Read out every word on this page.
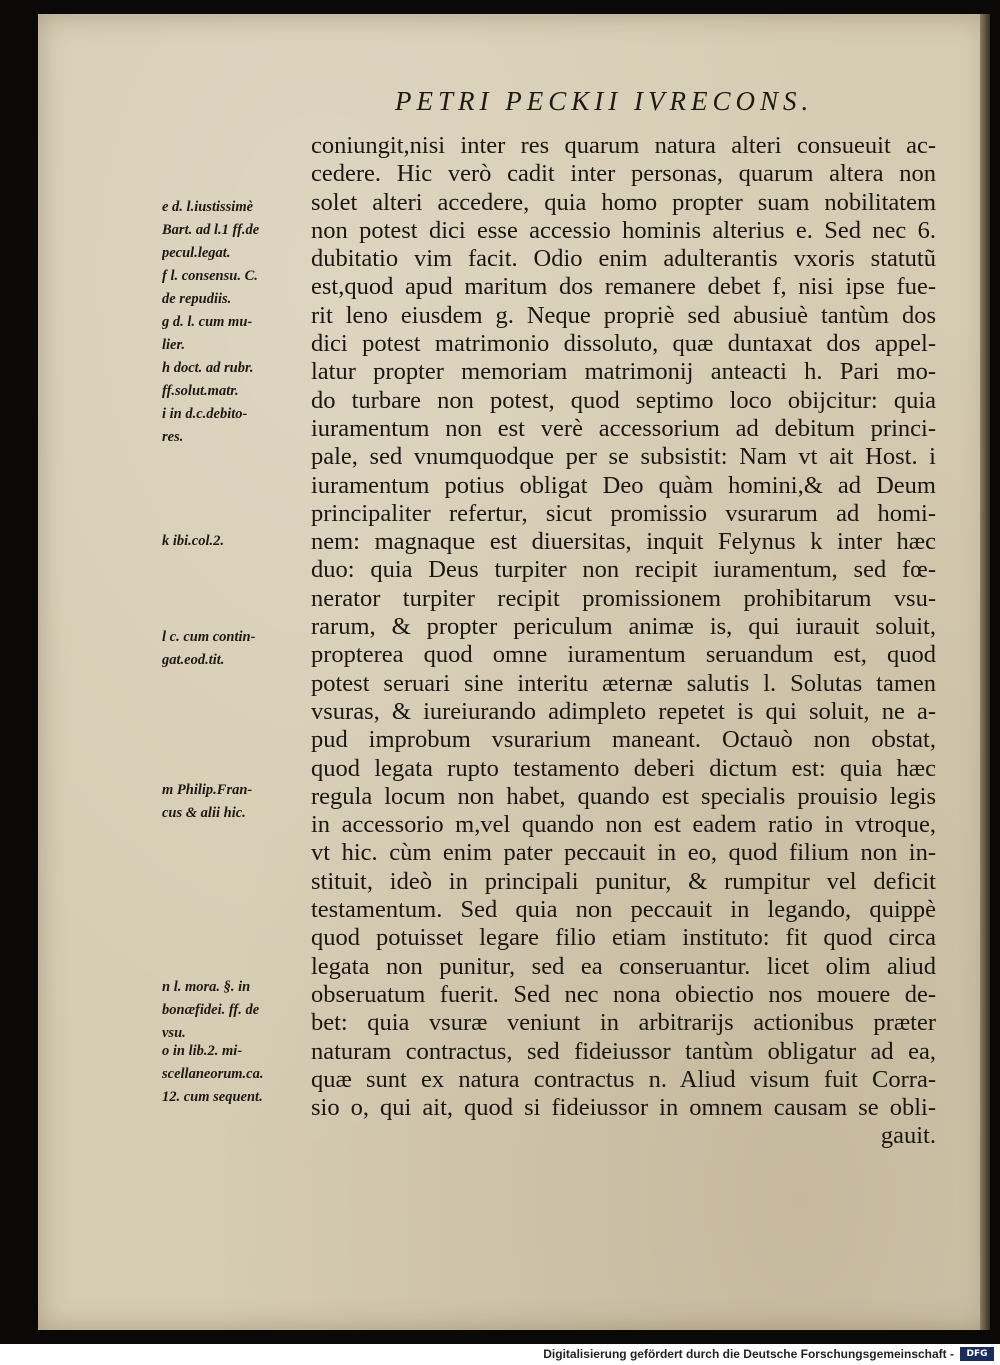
PETRI PECKII IVRECONS.
coniungit,nisi inter res quarum natura alteri consueuit ac-
cedere. Hic verò cadit inter personas, quarum altera non
solet alteri accedere, quia homo propter suam nobilitatem
non potest dici esse accessio hominis alterius e. Sed nec 6.
dubitatio vim facit. Odio enim adulterantis vxoris statutũ
est,quod apud maritum dos remanere debet f, nisi ipse fue-
rit leno eiusdem g. Neque propriè sed abusiuè tantùm dos
dici potest matrimonio dissoluto, quæ duntaxat dos appel-
latur propter memoriam matrimonij anteacti h. Pari mo-
do turbare non potest, quod septimo loco obijcitur: quia
iuramentum non est verè accessorium ad debitum princi-
pale, sed vnumquodque per se subsistit: Nam vt ait Host. i
iuramentum potius obligat Deo quàm homini,& ad Deum
principaliter refertur, sicut promissio vsurarum ad homi-
nem: magnaque est diuersitas, inquit Felynus k inter hæc
duo: quia Deus turpiter non recipit iuramentum, sed fœ-
nerator turpiter recipit promissionem prohibitarum vsu-
rarum, & propter periculum animæ is, qui iurauit soluit,
propterea quod omne iuramentum seruandum est, quod
potest seruari sine interitu æternæ salutis l. Solutas tamen
vsuras, & iureiurando adimpleto repetet is qui soluit, ne a-
pud improbum vsurarium maneant. Octauò non obstat,
quod legata rupto testamento deberi dictum est: quia hæc
regula locum non habet, quando est specialis prouisio legis
in accessorio m,vel quando non est eadem ratio in vtroque,
vt hic. cùm enim pater peccauit in eo, quod filium non in-
stituit, ideò in principali punitur, & rumpitur vel deficit
testamentum. Sed quia non peccauit in legando, quippè
quod potuisset legare filio etiam instituto: fit quod circa
legata non punitur, sed ea conseruantur. licet olim aliud
obseruatum fuerit. Sed nec nona obiectio nos mouere de-
bet: quia vsuræ veniunt in arbitrarijs actionibus præter
naturam contractus, sed fideiussor tantùm obligatur ad ea,
quæ sunt ex natura contractus n. Aliud visum fuit Corra-
sio o, qui ait, quod si fideiussor in omnem causam se obli-
gauit.
e d. l.iustissimè
Bart. ad l.1 ff.de
pecul.legat.
f l. consensu. C.
de repudiis.
g d. l. cum mu-
lier.
h doct. ad rubr.
ff.solut.matr.
i in d.c.debito-
res.
k ibi.col.2.
l c. cum contin-
gat.eod.tit.
m Philip.Fran-
cus & alii hic.
n l. mora. §. in
bonæfidei. ff. de
vsu.
o in lib.2. mi-
scellaneorum.ca.
12. cum sequent.
Digitalisierung gefördert durch die Deutsche Forschungsgemeinschaft -	DFG
